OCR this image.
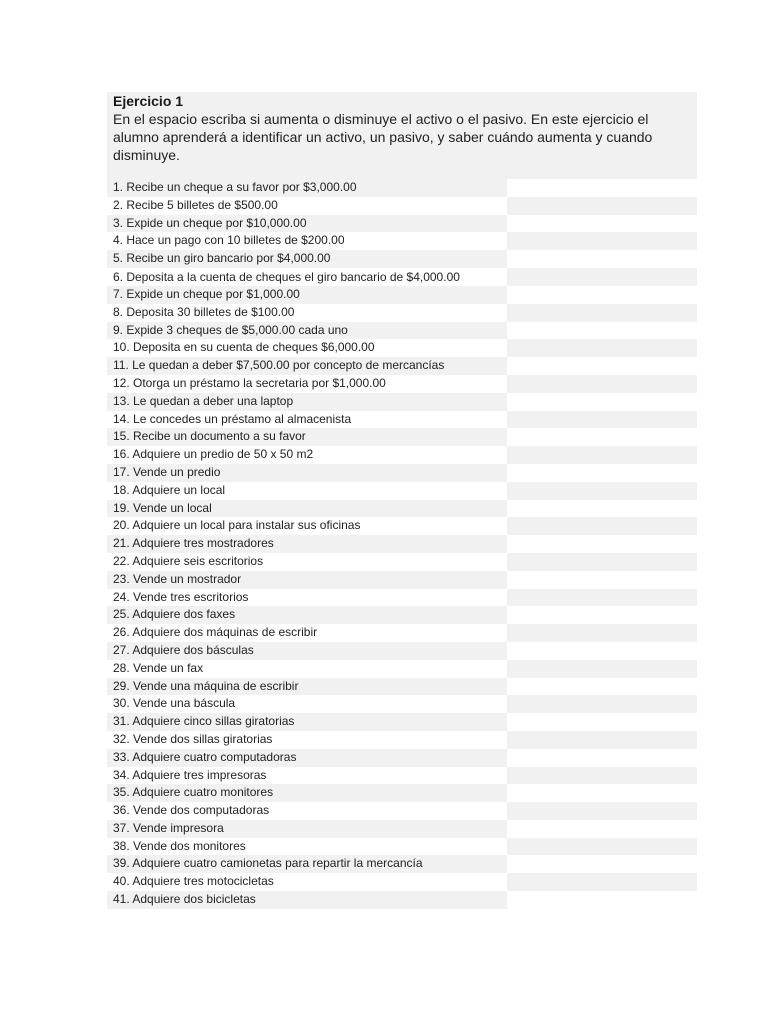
Ejercicio 1

En el espacio escriba si aumenta o disminuye el activo o el pasivo. En este ejercicio el alumno aprenderá a identificar un activo, un pasivo, y saber cuándo aumenta y cuando disminuye.

1. Recibe un cheque a su favor por $3,000.00
2. Recibe 5 billetes de $500.00
3. Expide un cheque por $10,000.00
4. Hace un pago con 10 billetes de $200.00
5. Recibe un giro bancario por $4,000.00
6. Deposita a la cuenta de cheques el giro bancario de $4,000.00
7. Expide un cheque por $1,000.00
8. Deposita 30 billetes de $100.00
9. Expide 3 cheques de $5,000.00 cada uno
10. Deposita en su cuenta de cheques $6,000.00
11. Le quedan a deber $7,500.00 por concepto de mercancías
12. Otorga un préstamo la secretaria por $1,000.00
13. Le quedan a deber una laptop
14. Le concedes un préstamo al almacenista
15. Recibe un documento a su favor
16. Adquiere un predio de 50 x 50 m2
17. Vende un predio
18. Adquiere un local
19. Vende un local
20. Adquiere un local para instalar sus oficinas
21. Adquiere tres mostradores
22. Adquiere seis escritorios
23. Vende un mostrador
24. Vende tres escritorios
25. Adquiere dos faxes
26. Adquiere dos máquinas de escribir
27. Adquiere dos básculas
28. Vende un fax
29. Vende una máquina de escribir
30. Vende una báscula
31. Adquiere cinco sillas giratorias
32. Vende dos sillas giratorias
33. Adquiere cuatro computadoras
34. Adquiere tres impresoras
35. Adquiere cuatro monitores
36. Vende dos computadoras
37. Vende impresora
38. Vende dos monitores
39. Adquiere cuatro camionetas para repartir la mercancía
40. Adquiere tres motocicletas
41. Adquiere dos bicicletas
